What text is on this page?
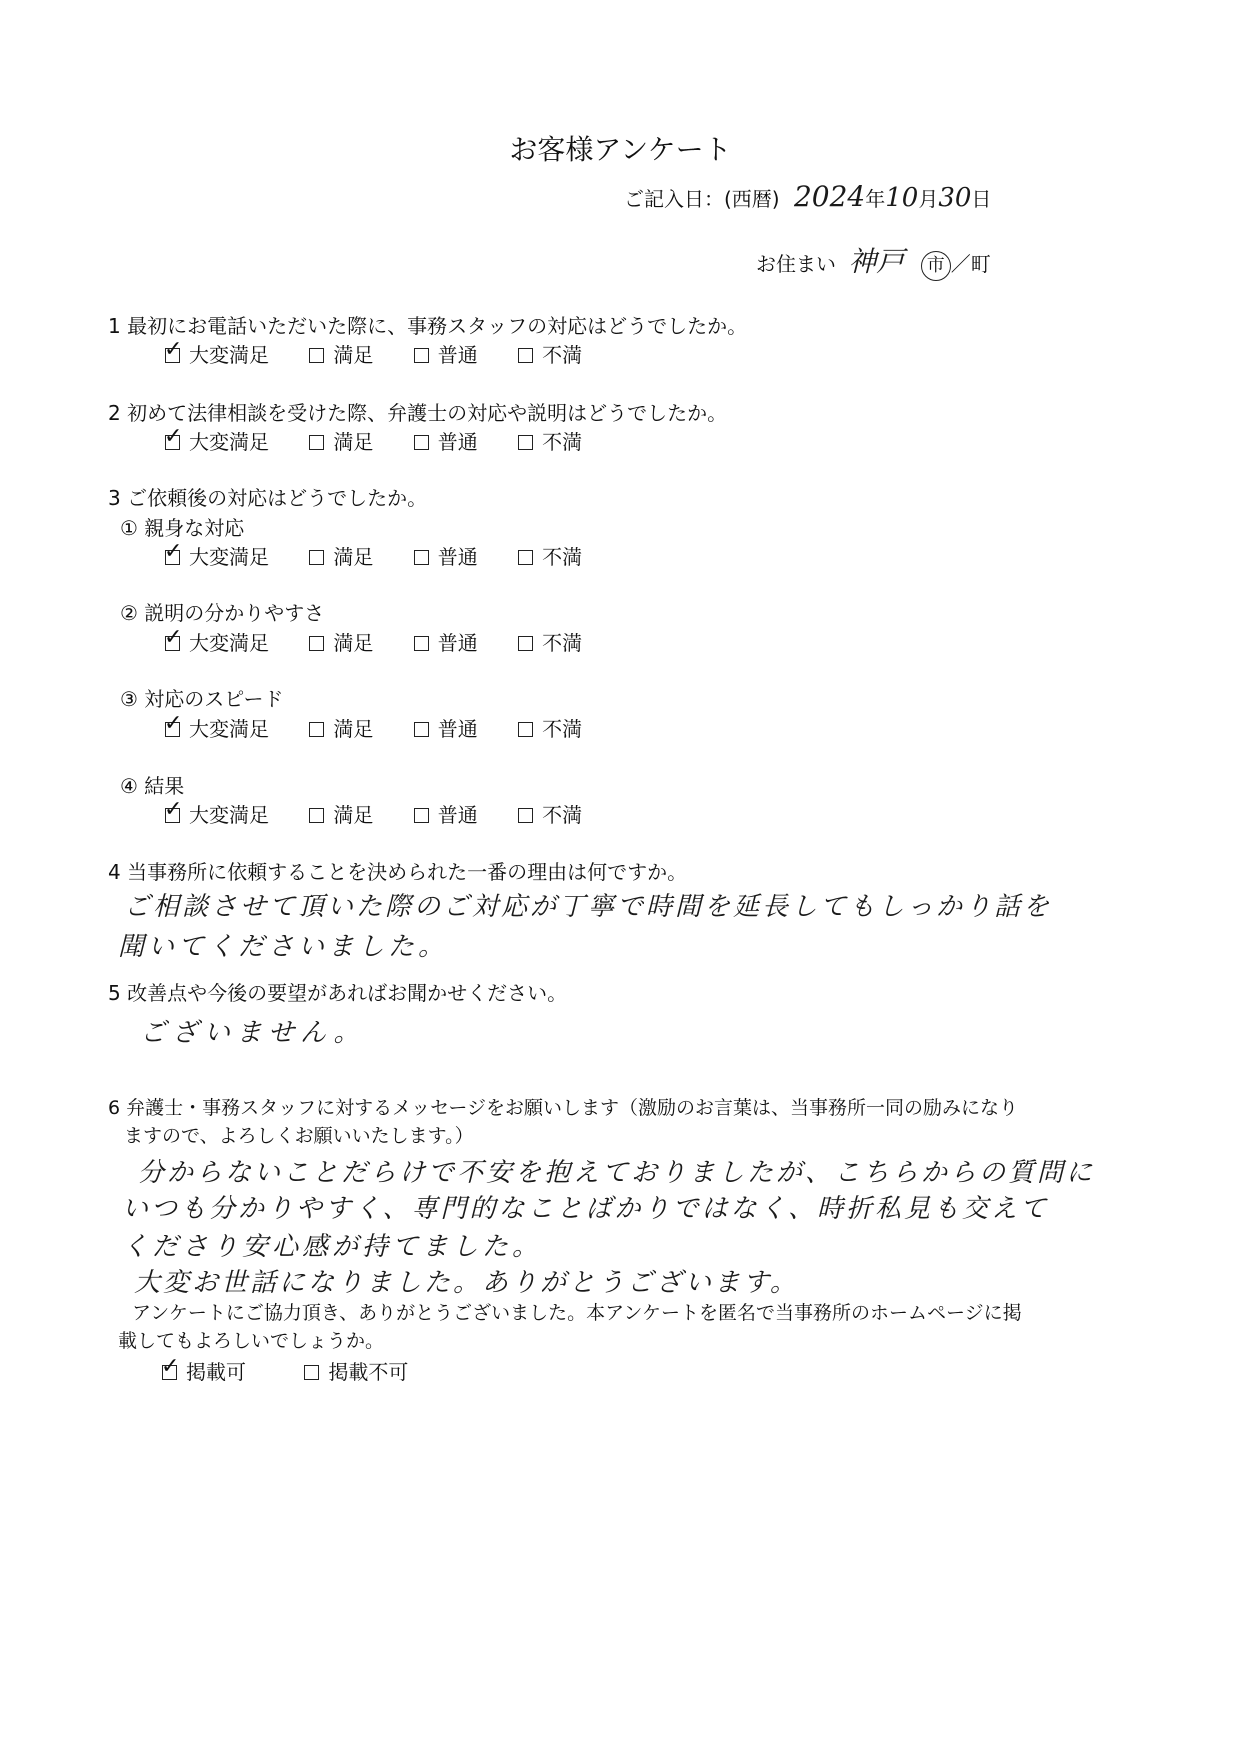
お客様アンケート
ご記入日：(西暦) 2024年10月30日
お住まい 神戸 市 ／町
1 最初にお電話いただいた際に、事務スタッフの対応はどうでしたか。
✓ 大変満足	満足	普通	不満
2 初めて法律相談を受けた際、弁護士の対応や説明はどうでしたか。
✓ 大変満足	満足	普通	不満
3 ご依頼後の対応はどうでしたか。
① 親身な対応
✓ 大変満足	満足	普通	不満
② 説明の分かりやすさ
✓ 大変満足	満足	普通	不満
③ 対応のスピード
✓ 大変満足	満足	普通	不満
④ 結果
✓ 大変満足	満足	普通	不満
4 当事務所に依頼することを決められた一番の理由は何ですか。
ご相談させて頂いた際のご対応が丁寧で時間を延長してもしっかり話を
聞いてくださいました。
5 改善点や今後の要望があればお聞かせください。
ございません。
6 弁護士・事務スタッフに対するメッセージをお願いします（激励のお言葉は、当事務所一同の励みになり
ますので、よろしくお願いいたします。）
分からないことだらけで不安を抱えておりましたが、こちらからの質問に
いつも分かりやすく、専門的なことばかりではなく、時折私見も交えて
くださり安心感が持てました。
大変お世話になりました。ありがとうございます。
アンケートにご協力頂き、ありがとうございました。本アンケートを匿名で当事務所のホームページに掲
載してもよろしいでしょうか。
✓ 掲載可	掲載不可
